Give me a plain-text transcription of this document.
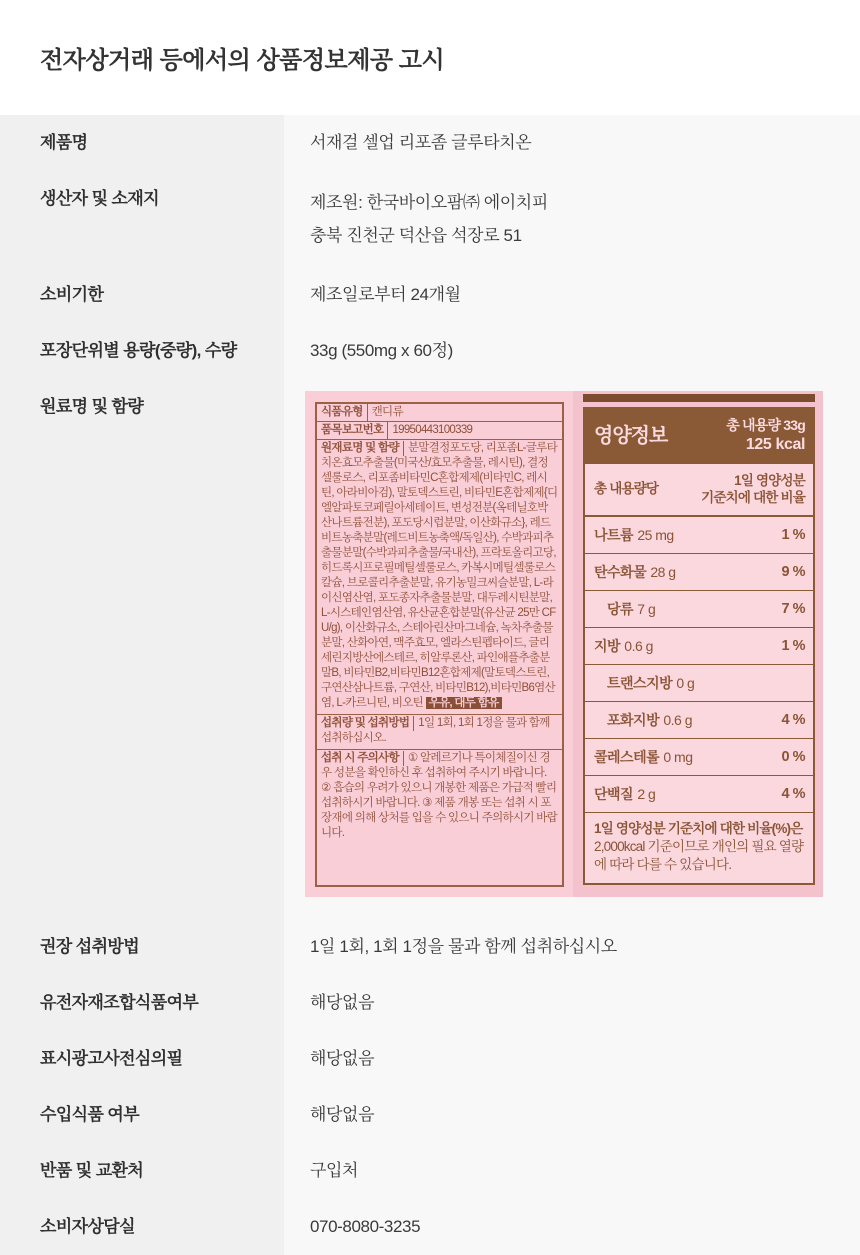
전자상거래 등에서의 상품정보제공 고시
제품명	서재걸 셀업 리포좀 글루타치온
생산자 및 소재지	제조원: 한국바이오팜㈜ 에이치피
충북 진천군 덕산읍 석장로 51
소비기한	제조일로부터 24개월
포장단위별 용량(중량), 수량	33g (550mg x 60정)
원료명 및 함량	식품유형 캔디류
품목보고번호 19950443100339
원재료명 및 함량 분말결정포도당, 리포좀L-글루타치온효모추출물(미국산/효모추출물, 레시틴), 결정셀룰로스, 리포좀비타민C혼합제제(비타민C, 레시틴, 아라비아검), 말토덱스트린, 비타민E혼합제제{디엘알파토코페릴아세테이트, 변성전분(옥테닐호박산나트륨전분), 포도당시럽분말, 이산화규소}, 레드비트농축분말(레드비트농축액/독일산), 수박과피추출물분말(수박과피추출물/국내산), 프락토올리고당, 히드록시프로필메틸셀룰로스, 카복시메틸셀룰로스칼슘, 브로콜리추출분말, 유기농밀크씨슬분말, L-라이신염산염, 포도종자추출물분말, 대두레시틴분말, L-시스테인염산염, 유산균혼합분말(유산균 25만 CFU/g), 이산화규소, 스테아린산마그네슘, 녹차추출물분말, 산화아연, 맥주효모, 엘라스틴펩타이드, 글리세린지방산에스테르, 히알루론산, 파인애플추출분말B, 비타민B2,비타민B12혼합제제(말토덱스트린, 구연산삼나트륨, 구연산, 비타민B12),비타민B6염산염, L-카르니틴, 비오틴 우유, 대두 함유
섭취량 및 섭취방법 1일 1회, 1회 1정을 물과 함께 섭취하십시오.
섭취 시 주의사항 ① 알레르기나 특이체질이신 경우 성분을 확인하신 후 섭취하여 주시기 바랍니다. ② 흡습의 우려가 있으니 개봉한 제품은 가급적 빨리 섭취하시기 바랍니다. ③ 제품 개봉 또는 섭취 시 포장재에 의해 상처를 입을 수 있으니 주의하시기 바랍니다.
영양정보	총 내용량 33g
125 kcal
총 내용량당
1일 영양성분
기준치에 대한 비율
나트륨 25 mg	1 %
탄수화물 28 g	9 %
당류 7 g	7 %
지방 0.6 g	1 %
트랜스지방 0 g
포화지방 0.6 g	4 %
콜레스테롤 0 mg	0 %
단백질 2 g	4 %
1일 영양성분 기준치에 대한 비율(%)은 2,000kcal 기준이므로 개인의 필요 열량에 따라 다를 수 있습니다.
권장 섭취방법	1일 1회, 1회 1정을 물과 함께 섭취하십시오
유전자재조합식품여부	해당없음
표시광고사전심의필	해당없음
수입식품 여부	해당없음
반품 및 교환처	구입처
소비자상담실	070-8080-3235
